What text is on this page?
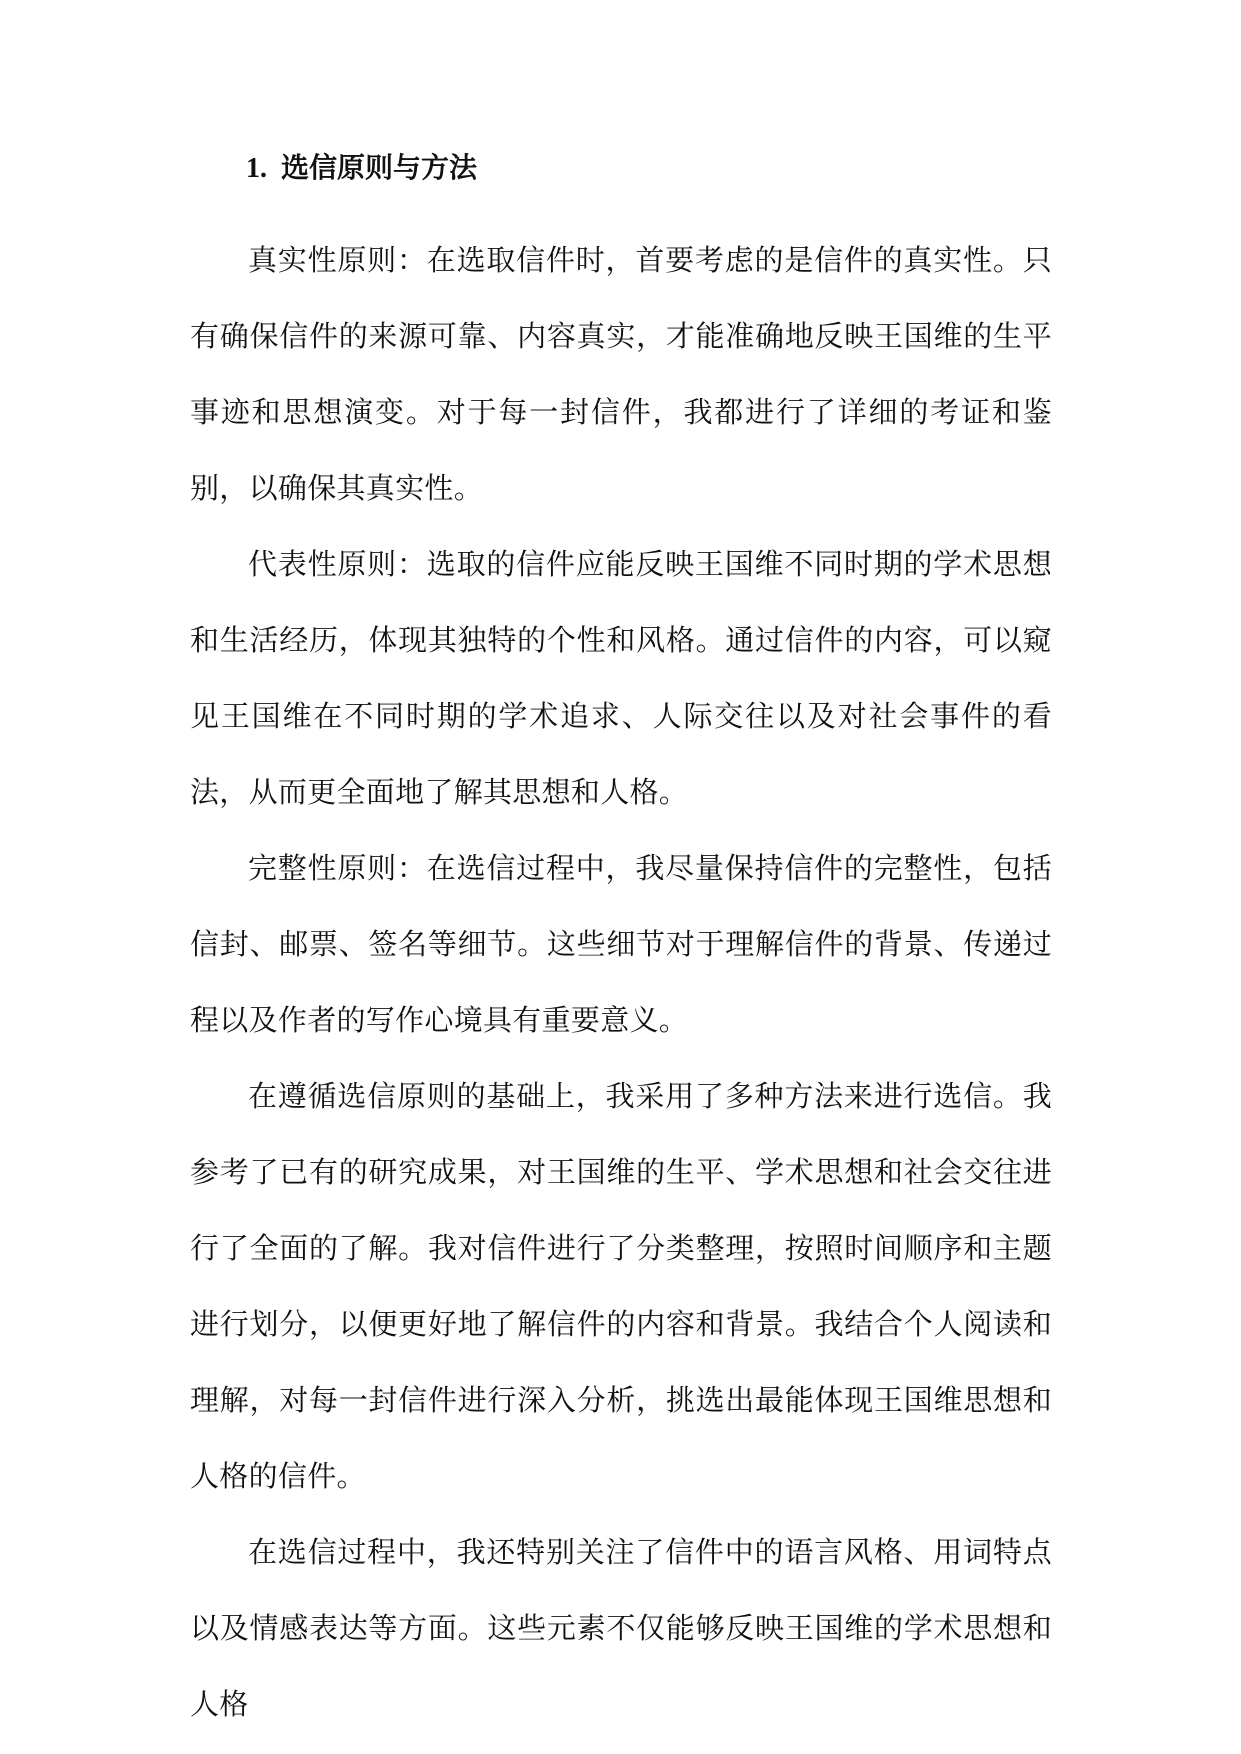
1. 选信原则与方法

真实性原则：在选取信件时，首要考虑的是信件的真实性。只有确保信件的来源可靠、内容真实，才能准确地反映王国维的生平事迹和思想演变。对于每一封信件，我都进行了详细的考证和鉴别，以确保其真实性。

代表性原则：选取的信件应能反映王国维不同时期的学术思想和生活经历，体现其独特的个性和风格。通过信件的内容，可以窥见王国维在不同时期的学术追求、人际交往以及对社会事件的看法，从而更全面地了解其思想和人格。

完整性原则：在选信过程中，我尽量保持信件的完整性，包括信封、邮票、签名等细节。这些细节对于理解信件的背景、传递过程以及作者的写作心境具有重要意义。

在遵循选信原则的基础上，我采用了多种方法来进行选信。我参考了已有的研究成果，对王国维的生平、学术思想和社会交往进行了全面的了解。我对信件进行了分类整理，按照时间顺序和主题进行划分，以便更好地了解信件的内容和背景。我结合个人阅读和理解，对每一封信件进行深入分析，挑选出最能体现王国维思想和人格的信件。

在选信过程中，我还特别关注了信件中的语言风格、用词特点以及情感表达等方面。这些元素不仅能够反映王国维的学术思想和人格
